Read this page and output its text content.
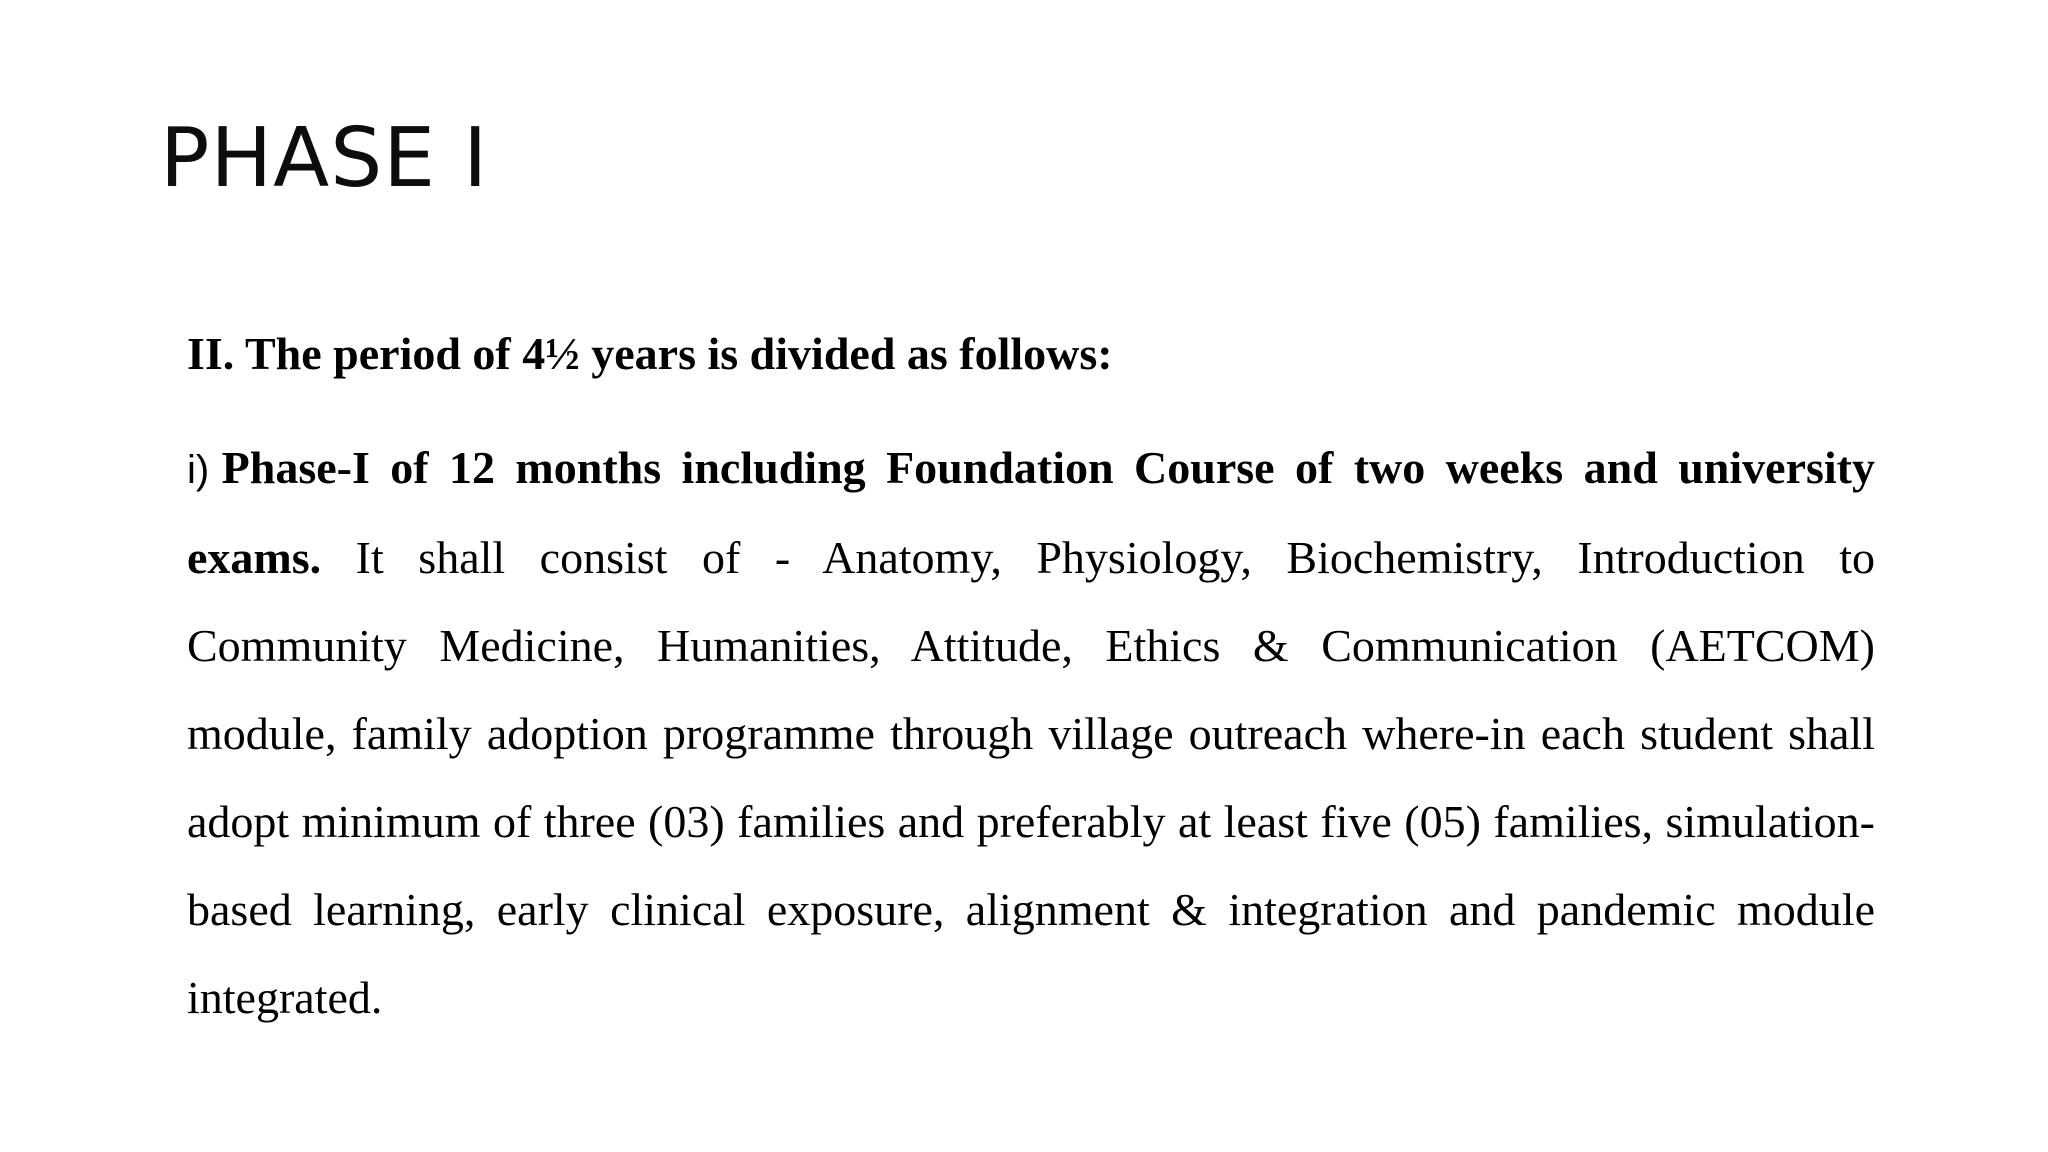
PHASE I

II. The period of 4½ years is divided as follows:

i) Phase-I of 12 months including Foundation Course of two weeks and university exams. It shall consist of - Anatomy, Physiology, Biochemistry, Introduction to Community Medicine, Humanities, Attitude, Ethics & Communication (AETCOM) module, family adoption programme through village outreach where-in each student shall adopt minimum of three (03) families and preferably at least five (05) families, simulation-based learning, early clinical exposure, alignment & integration and pandemic module integrated.
